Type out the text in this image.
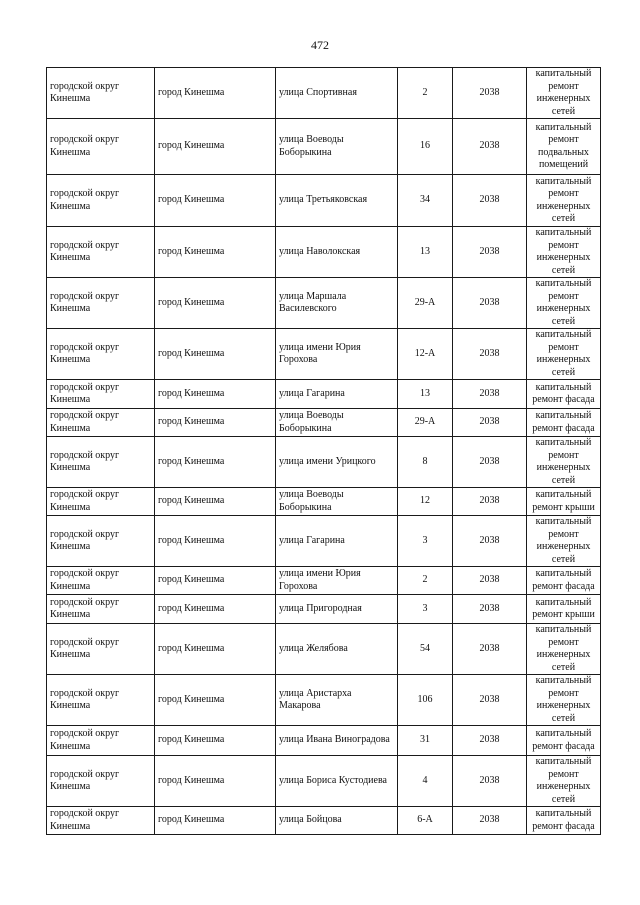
472
городской округ Кинешма	город Кинешма	улица Спортивная	2	2038	капитальный ремонт инженерных сетей
городской округ Кинешма	город Кинешма	улица Воеводы Боборыкина	16	2038	капитальный ремонт подвальных помещений
городской округ Кинешма	город Кинешма	улица Третьяковская	34	2038	капитальный ремонт инженерных сетей
городской округ Кинешма	город Кинешма	улица Наволокская	13	2038	капитальный ремонт инженерных сетей
городской округ Кинешма	город Кинешма	улица Маршала Василевского	29-А	2038	капитальный ремонт инженерных сетей
городской округ Кинешма	город Кинешма	улица имени Юрия Горохова	12-А	2038	капитальный ремонт инженерных сетей
городской округ Кинешма	город Кинешма	улица Гагарина	13	2038	капитальный ремонт фасада
городской округ Кинешма	город Кинешма	улица Воеводы Боборыкина	29-А	2038	капитальный ремонт фасада
городской округ Кинешма	город Кинешма	улица имени Урицкого	8	2038	капитальный ремонт инженерных сетей
городской округ Кинешма	город Кинешма	улица Воеводы Боборыкина	12	2038	капитальный ремонт крыши
городской округ Кинешма	город Кинешма	улица Гагарина	3	2038	капитальный ремонт инженерных сетей
городской округ Кинешма	город Кинешма	улица имени Юрия Горохова	2	2038	капитальный ремонт фасада
городской округ Кинешма	город Кинешма	улица Пригородная	3	2038	капитальный ремонт крыши
городской округ Кинешма	город Кинешма	улица Желябова	54	2038	капитальный ремонт инженерных сетей
городской округ Кинешма	город Кинешма	улица Аристарха Макарова	106	2038	капитальный ремонт инженерных сетей
городской округ Кинешма	город Кинешма	улица Ивана Виноградова	31	2038	капитальный ремонт фасада
городской округ Кинешма	город Кинешма	улица Бориса Кустодиева	4	2038	капитальный ремонт инженерных сетей
городской округ Кинешма	город Кинешма	улица Бойцова	6-А	2038	капитальный ремонт фасада
